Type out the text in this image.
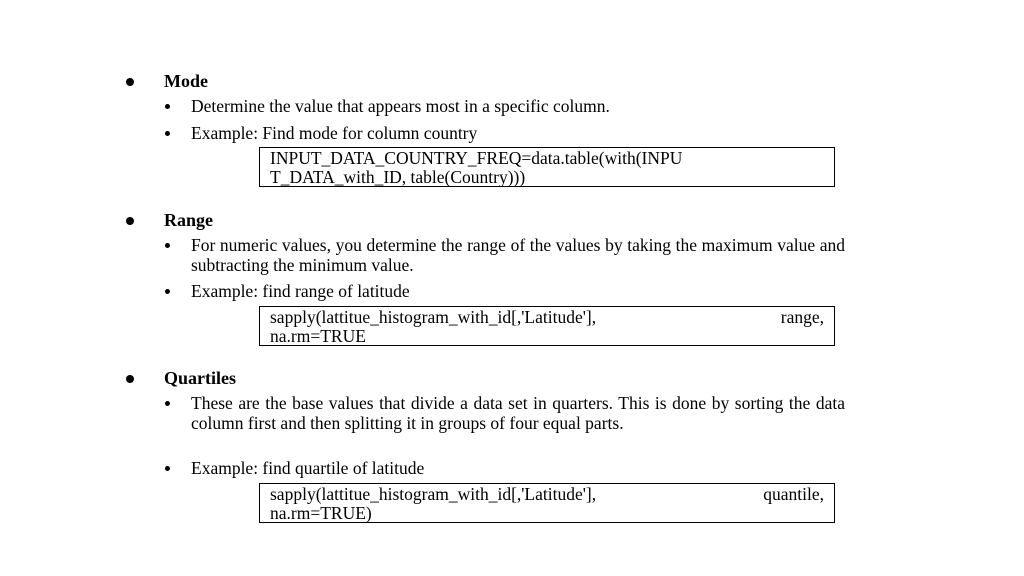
Mode
Determine the value that appears most in a specific column.
Example: Find mode for column country
INPUT_DATA_COUNTRY_FREQ=data.table(with(INPU
T_DATA_with_ID, table(Country)))
Range
For numeric values, you determine the range of the values by taking the maximum value and subtracting the minimum value.
Example: find range of latitude
sapply(lattitue_histogram_with_id[,'Latitude'],	range,
na.rm=TRUE
Quartiles
These are the base values that divide a data set in quarters. This is done by sorting the data column first and then splitting it in groups of four equal parts.
Example: find quartile of latitude
sapply(lattitue_histogram_with_id[,'Latitude'],	quantile,
na.rm=TRUE)
